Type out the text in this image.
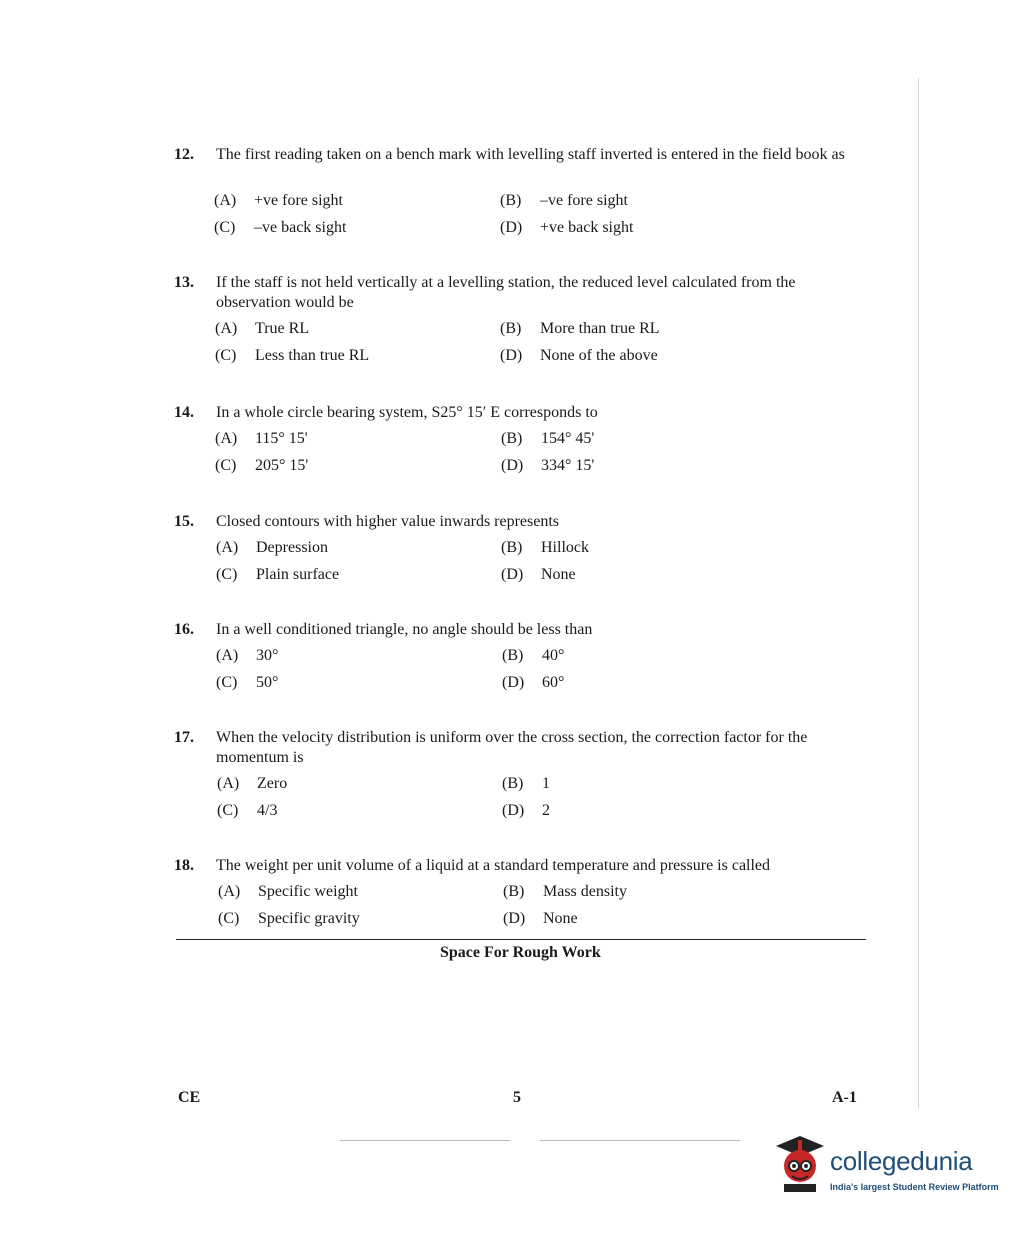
12. The first reading taken on a bench mark with levelling staff inverted is entered in the field book as
(A) +ve fore sight	(B) –ve fore sight
(C) –ve back sight	(D) +ve back sight
13. If the staff is not held vertically at a levelling station, the reduced level calculated from the observation would be
(A) True RL	(B) More than true RL
(C) Less than true RL	(D) None of the above
14. In a whole circle bearing system, S25° 15′ E corresponds to
(A) 115° 15'	(B) 154° 45'
(C) 205° 15'	(D) 334° 15'
15. Closed contours with higher value inwards represents
(A) Depression	(B) Hillock
(C) Plain surface	(D) None
16. In a well conditioned triangle, no angle should be less than
(A) 30°	(B) 40°
(C) 50°	(D) 60°
17. When the velocity distribution is uniform over the cross section, the correction factor for the momentum is
(A) Zero	(B) 1
(C) 4/3	(D) 2
18. The weight per unit volume of a liquid at a standard temperature and pressure is called
(A) Specific weight	(B) Mass density
(C) Specific gravity	(D) None
Space For Rough Work
CE	5	A-1
collegedunia
India's largest Student Review Platform
